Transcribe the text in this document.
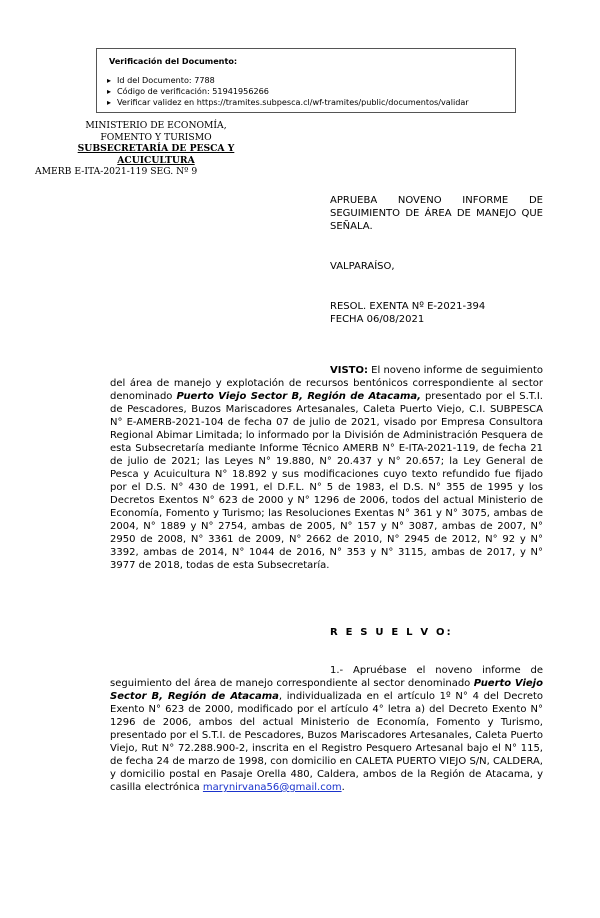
Verificación del Documento:
▸ Id del Documento: 7788
▸ Código de verificación: 51941956266
▸ Verificar validez en https://tramites.subpesca.cl/wf-tramites/public/documentos/validar
MINISTERIO DE ECONOMÍA,
FOMENTO Y TURISMO
SUBSECRETARÍA DE PESCA Y
ACUICULTURA
AMERB E-ITA-2021-119 SEG. Nº 9
APRUEBA NOVENO INFORME DE SEGUIMIENTO DE ÁREA DE MANEJO QUE SEÑALA.
VALPARAÍSO,
RESOL. EXENTA Nº E-2021-394
FECHA 06/08/2021
VISTO: El noveno informe de seguimiento del área de manejo y explotación de recursos bentónicos correspondiente al sector denominado Puerto Viejo Sector B, Región de Atacama, presentado por el S.T.I. de Pescadores, Buzos Mariscadores Artesanales, Caleta Puerto Viejo, C.I. SUBPESCA N° E-AMERB-2021-104 de fecha 07 de julio de 2021, visado por Empresa Consultora Regional Abimar Limitada; lo informado por la División de Administración Pesquera de esta Subsecretaría mediante Informe Técnico AMERB N° E-ITA-2021-119, de fecha 21 de julio de 2021; las Leyes N° 19.880, N° 20.437 y N° 20.657; la Ley General de Pesca y Acuicultura N° 18.892 y sus modificaciones cuyo texto refundido fue fijado por el D.S. N° 430 de 1991, el D.F.L. N° 5 de 1983, el D.S. N° 355 de 1995 y los Decretos Exentos N° 623 de 2000 y N° 1296 de 2006, todos del actual Ministerio de Economía, Fomento y Turismo; las Resoluciones Exentas N° 361 y N° 3075, ambas de 2004, N° 1889 y N° 2754, ambas de 2005, N° 157 y N° 3087, ambas de 2007, N° 2950 de 2008, N° 3361 de 2009, N° 2662 de 2010, N° 2945 de 2012, N° 92 y N° 3392, ambas de 2014, N° 1044 de 2016, N° 353 y N° 3115, ambas de 2017, y N° 3977 de 2018, todas de esta Subsecretaría.
R E S U E L V O:
1.- Apruébase el noveno informe de seguimiento del área de manejo correspondiente al sector denominado Puerto Viejo Sector B, Región de Atacama, individualizada en el artículo 1º N° 4 del Decreto Exento N° 623 de 2000, modificado por el artículo 4° letra a) del Decreto Exento N° 1296 de 2006, ambos del actual Ministerio de Economía, Fomento y Turismo, presentado por el S.T.I. de Pescadores, Buzos Mariscadores Artesanales, Caleta Puerto Viejo, Rut N° 72.288.900-2, inscrita en el Registro Pesquero Artesanal bajo el N° 115, de fecha 24 de marzo de 1998, con domicilio en CALETA PUERTO VIEJO S/N, CALDERA, y domicilio postal en Pasaje Orella 480, Caldera, ambos de la Región de Atacama, y casilla electrónica marynirvana56@gmail.com.
